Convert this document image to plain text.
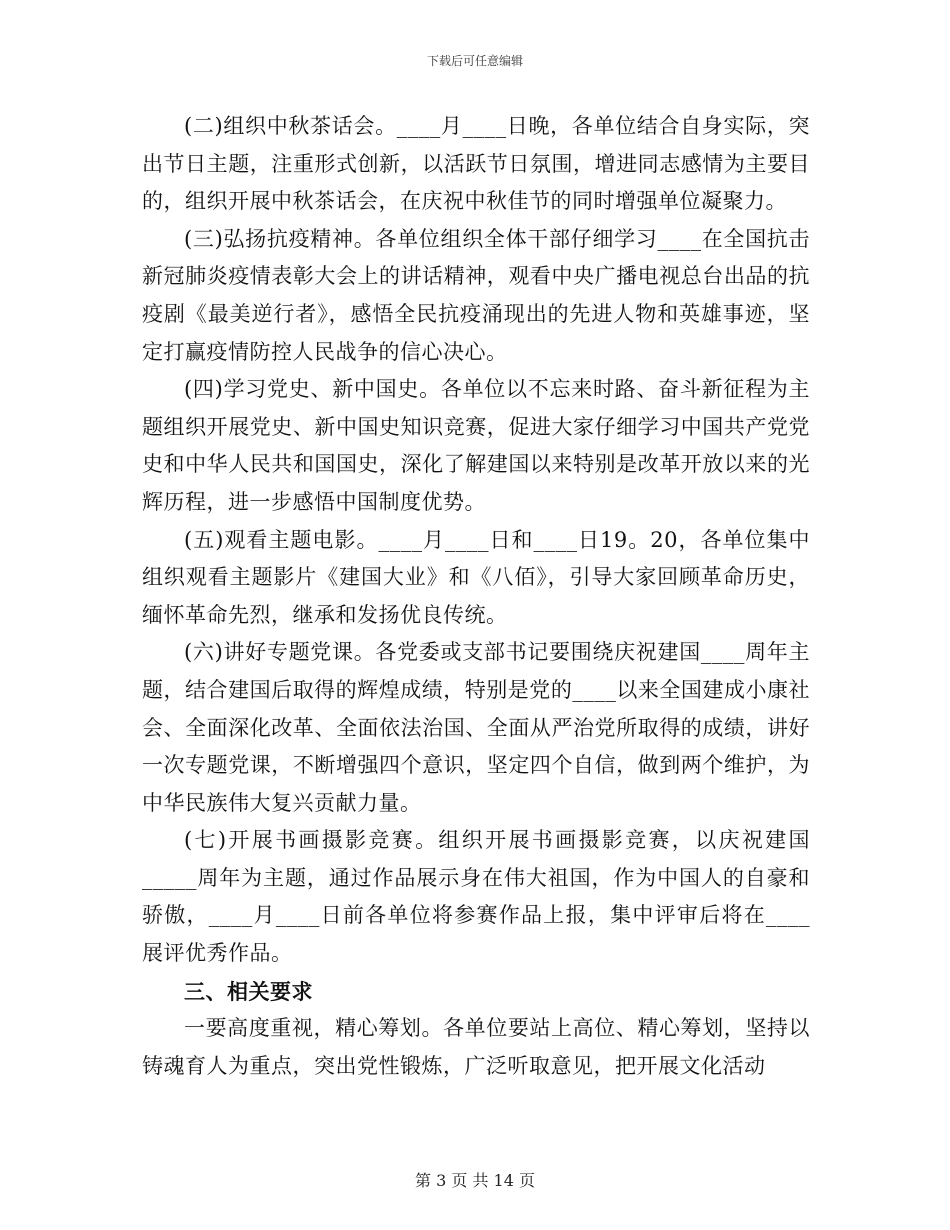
下载后可任意编辑

(二)组织中秋茶话会。____月____日晚，各单位结合自身实际，突出节日主题，注重形式创新，以活跃节日氛围，增进同志感情为主要目的，组织开展中秋茶话会，在庆祝中秋佳节的同时增强单位凝聚力。

(三)弘扬抗疫精神。各单位组织全体干部仔细学习____在全国抗击新冠肺炎疫情表彰大会上的讲话精神，观看中央广播电视总台出品的抗疫剧《最美逆行者》，感悟全民抗疫涌现出的先进人物和英雄事迹，坚定打赢疫情防控人民战争的信心决心。

(四)学习党史、新中国史。各单位以不忘来时路、奋斗新征程为主题组织开展党史、新中国史知识竞赛，促进大家仔细学习中国共产党党史和中华人民共和国国史，深化了解建国以来特别是改革开放以来的光辉历程，进一步感悟中国制度优势。

(五)观看主题电影。____月____日和____日19。20，各单位集中组织观看主题影片《建国大业》和《八佰》，引导大家回顾革命历史，缅怀革命先烈，继承和发扬优良传统。

(六)讲好专题党课。各党委或支部书记要围绕庆祝建国____周年主题，结合建国后取得的辉煌成绩，特别是党的____以来全国建成小康社会、全面深化改革、全面依法治国、全面从严治党所取得的成绩，讲好一次专题党课，不断增强四个意识，坚定四个自信，做到两个维护，为中华民族伟大复兴贡献力量。

(七)开展书画摄影竞赛。组织开展书画摄影竞赛，以庆祝建国_____周年为主题，通过作品展示身在伟大祖国，作为中国人的自豪和骄傲，____月____日前各单位将参赛作品上报，集中评审后将在____展评优秀作品。

三、相关要求

一要高度重视，精心筹划。各单位要站上高位、精心筹划，坚持以铸魂育人为重点，突出党性锻炼，广泛听取意见，把开展文化活动

第 3 页 共 14 页
